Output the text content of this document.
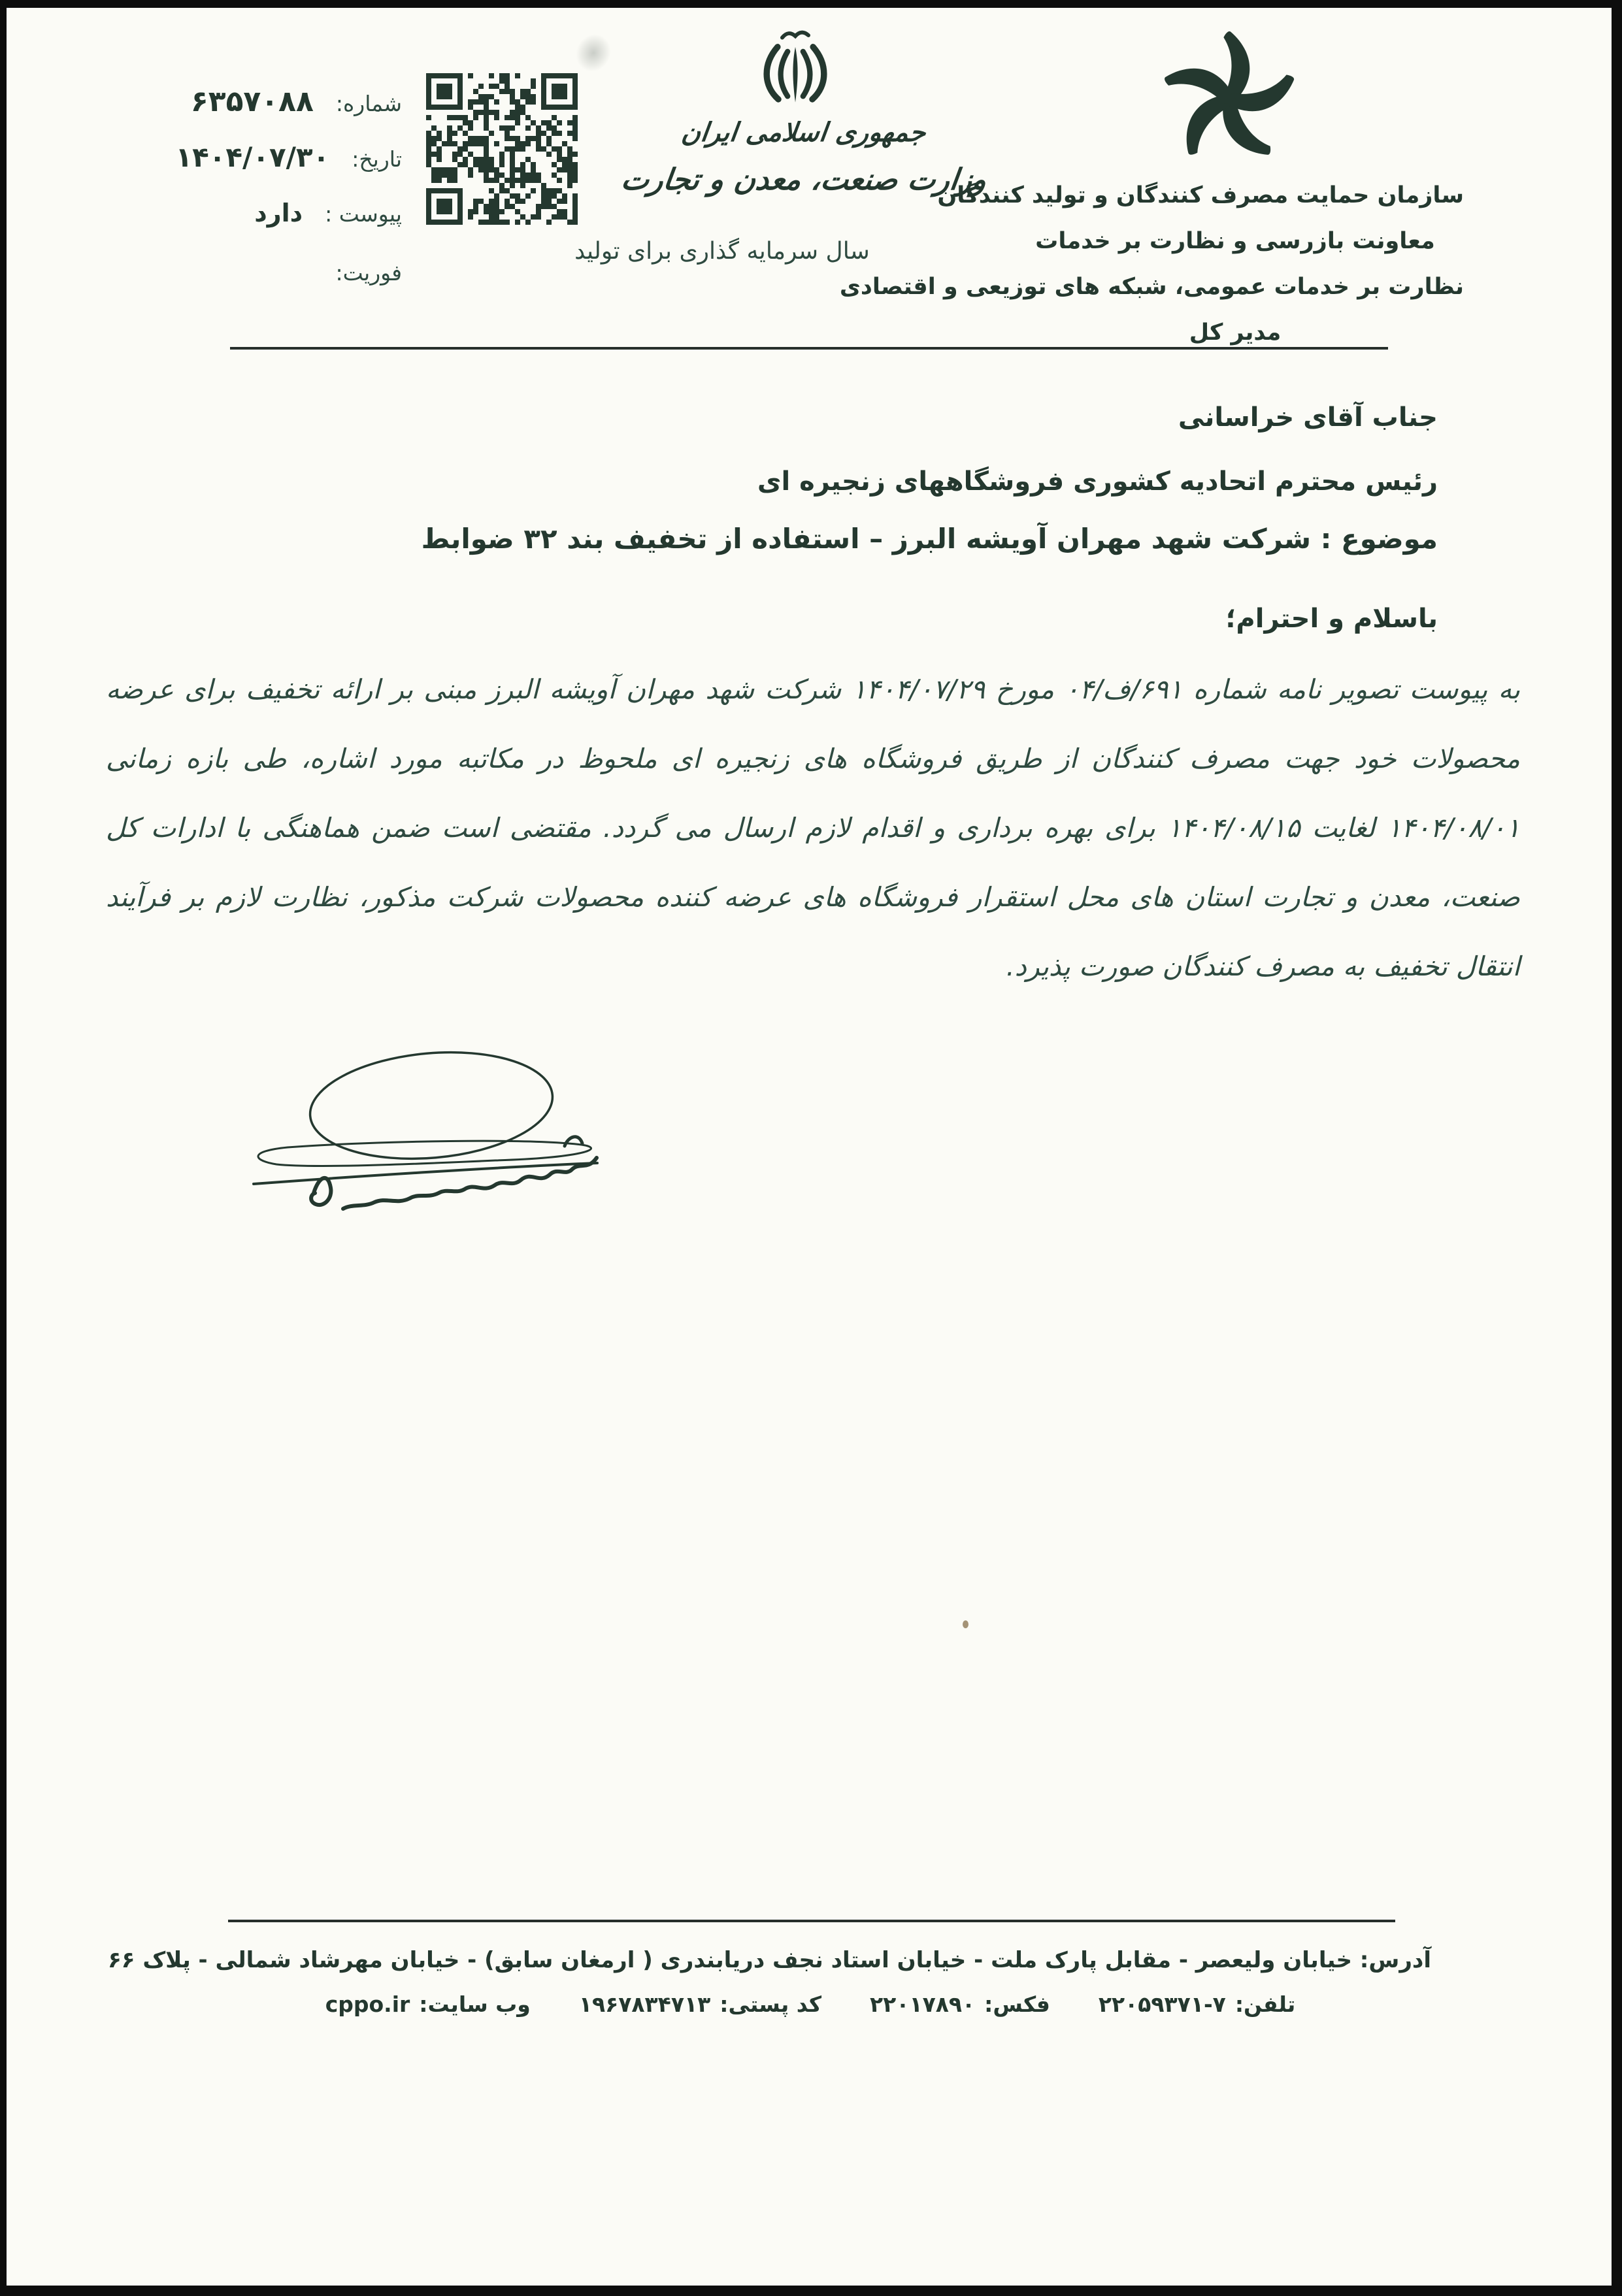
شماره:
۶۳۵۷۰۸۸
تاریخ:
۱۴۰۴/۰۷/۳۰
پیوست :
دارد
فوریت:
جمهوری اسلامی ایران
وزارت صنعت، معدن و تجارت
سال سرمایه گذاری برای تولید
سازمان حمایت مصرف کنندگان و تولید کنندگان
معاونت بازرسی و نظارت بر خدمات
نظارت بر خدمات عمومی، شبکه های توزیعی و اقتصادی
مدیر کل
جناب آقای خراسانی
رئیس محترم اتحادیه کشوری فروشگاههای زنجیره ای
موضوع : شرکت شهد مهران آویشه البرز – استفاده از تخفیف بند ۳۲ ضوابط
باسلام و احترام؛
به پیوست تصویر نامه شماره ۶۹۱/ف/۰۴ مورخ ۱۴۰۴/۰۷/۲۹ شرکت شهد مهران آویشه البرز مبنی بر ارائه تخفیف برای عرضه محصولات خود جهت مصرف کنندگان از طریق فروشگاه های زنجیره ای ملحوظ در مکاتبه مورد اشاره، طی بازه زمانی ۱۴۰۴/۰۸/۰۱ لغایت ۱۴۰۴/۰۸/۱۵ برای بهره برداری و اقدام لازم ارسال می گردد. مقتضی است ضمن هماهنگی با ادارات کل صنعت، معدن و تجارت استان های محل استقرار فروشگاه های عرضه کننده محصولات شرکت مذکور، نظارت لازم بر فرآیند انتقال تخفیف به مصرف کنندگان صورت پذیرد.
آدرس: خیابان ولیعصر - مقابل پارک ملت - خیابان استاد نجف دریابندری ( ارمغان سابق) - خیابان مهرشاد شمالی - پلاک ۶۶
تلفن:
۲۲۰۵۹۳۷۱-۷
فکس:
۲۲۰۱۷۸۹۰
کد پستی:
۱۹۶۷۸۳۴۷۱۳
وب سایت:
cppo.ir
